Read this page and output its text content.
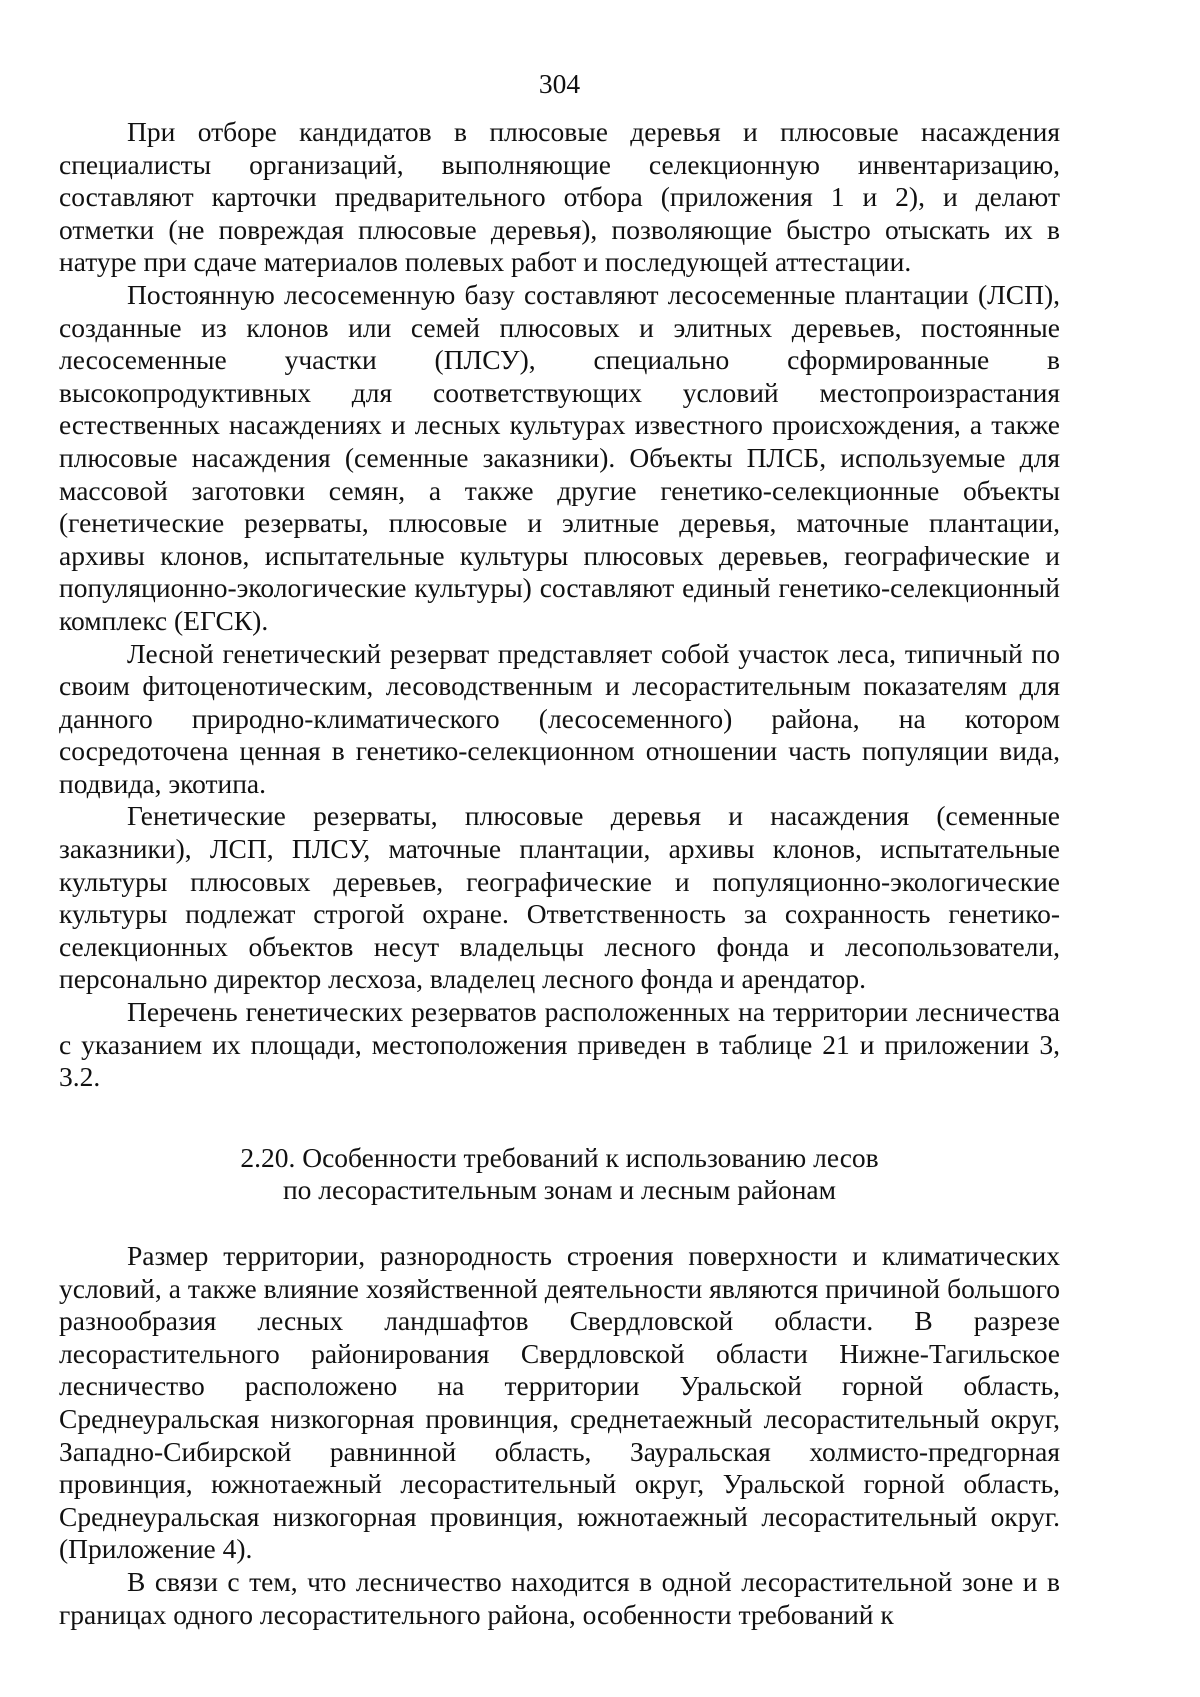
304

При отборе кандидатов в плюсовые деревья и плюсовые насаждения специалисты организаций, выполняющие селекционную инвентаризацию, составляют карточки предварительного отбора (приложения 1 и 2), и делают отметки (не повреждая плюсовые деревья), позволяющие быстро отыскать их в натуре при сдаче материалов полевых работ и последующей аттестации.

Постоянную лесосеменную базу составляют лесосеменные плантации (ЛСП), созданные из клонов или семей плюсовых и элитных деревьев, постоянные лесосеменные участки (ПЛСУ), специально сформированные в высокопродуктивных для соответствующих условий местопроизрастания естественных насаждениях и лесных культурах известного происхождения, а также плюсовые насаждения (семенные заказники). Объекты ПЛСБ, используемые для массовой заготовки семян, а также другие генетико-селекционные объекты (генетические резерваты, плюсовые и элитные деревья, маточные плантации, архивы клонов, испытательные культуры плюсовых деревьев, географические и популяционно-экологические культуры) составляют единый генетико-селекционный комплекс (ЕГСК).

Лесной генетический резерват представляет собой участок леса, типичный по своим фитоценотическим, лесоводственным и лесорастительным показателям для данного природно-климатического (лесосеменного) района, на котором сосредоточена ценная в генетико-селекционном отношении часть популяции вида, подвида, экотипа.

Генетические резерваты, плюсовые деревья и насаждения (семенные заказники), ЛСП, ПЛСУ, маточные плантации, архивы клонов, испытательные культуры плюсовых деревьев, географические и популяционно-экологические культуры подлежат строгой охране. Ответственность за сохранность генетико-селекционных объектов несут владельцы лесного фонда и лесопользователи, персонально директор лесхоза, владелец лесного фонда и арендатор.

Перечень генетических резерватов расположенных на территории лесничества с указанием их площади, местоположения приведен в таблице 21 и приложении 3, 3.2.

2.20. Особенности требований к использованию лесов
по лесорастительным зонам и лесным районам

Размер территории, разнородность строения поверхности и климатических условий, а также влияние хозяйственной деятельности являются причиной большого разнообразия лесных ландшафтов Свердловской области. В разрезе лесорастительного районирования Свердловской области Нижне-Тагильское лесничество расположено на территории Уральской горной область, Среднеуральская низкогорная провинция, среднетаежный лесорастительный округ, Западно-Сибирской равнинной область, Зауральская холмисто-предгорная провинция, южнотаежный лесорастительный округ, Уральской горной область, Среднеуральская низкогорная провинция, южнотаежный лесорастительный округ. (Приложение 4).

В связи с тем, что лесничество находится в одной лесорастительной зоне и в границах одного лесорастительного района, особенности требований к
